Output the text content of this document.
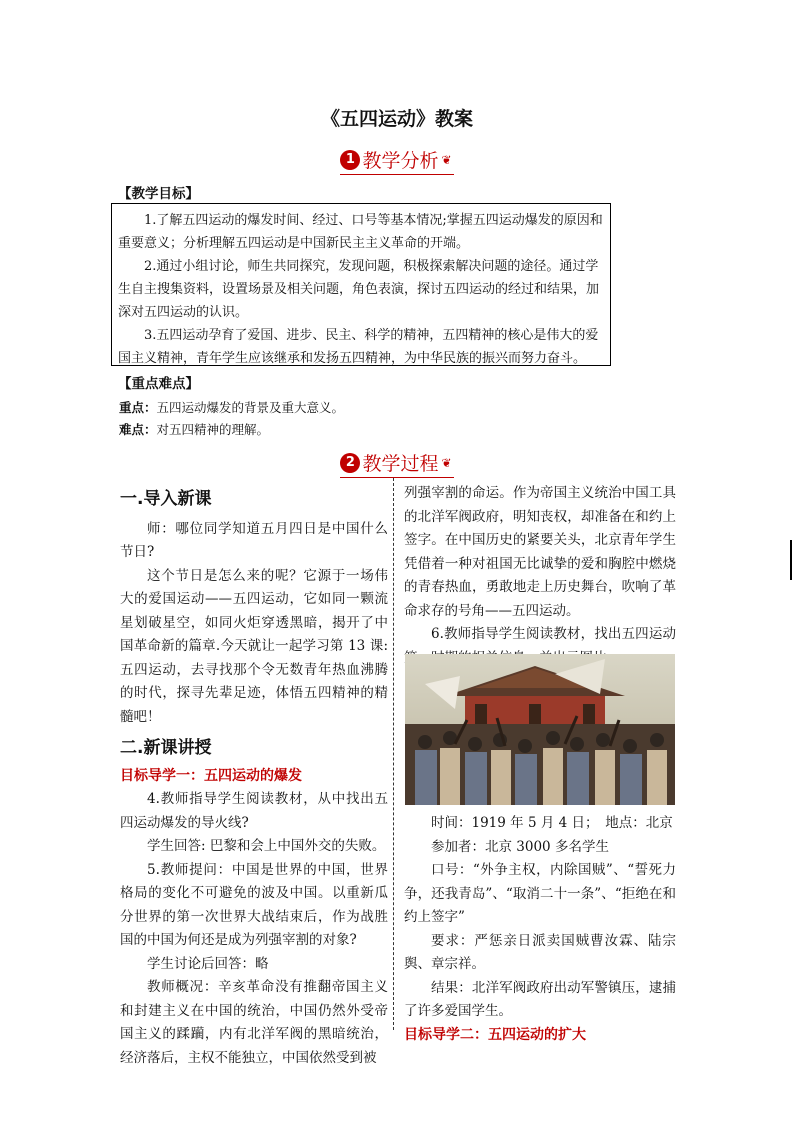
《五四运动》教案
1 教学分析 ❦
【教学目标】

1.了解五四运动的爆发时间、经过、口号等基本情况;掌握五四运动爆发的原因和重要意义；分析理解五四运动是中国新民主主义革命的开端。

2.通过小组讨论，师生共同探究，发现问题，积极探索解决问题的途径。通过学生自主搜集资料，设置场景及相关问题，角色表演，探讨五四运动的经过和结果，加深对五四运动的认识。

3.五四运动孕育了爱国、进步、民主、科学的精神，五四精神的核心是伟大的爱国主义精神，青年学生应该继承和发扬五四精神，为中华民族的振兴而努力奋斗。

【重点难点】
重点：五四运动爆发的背景及重大意义。
难点：对五四精神的理解。
2 教学过程 ❦
一.导入新课

师：哪位同学知道五月四日是中国什么节日?

这个节日是怎么来的呢？它源于一场伟大的爱国运动——五四运动，它如同一颗流星划破星空，如同火炬穿透黑暗，揭开了中国革命新的篇章.今天就让一起学习第 13 课:五四运动，去寻找那个令无数青年热血沸腾的时代，探寻先辈足迹，体悟五四精神的精髓吧！

二.新课讲授

目标导学一：五四运动的爆发

4.教师指导学生阅读教材，从中找出五四运动爆发的导火线?

学生回答: 巴黎和会上中国外交的失败。

5.教师提问：中国是世界的中国，世界格局的变化不可避免的波及中国。以重新瓜分世界的第一次世界大战结束后，作为战胜国的中国为何还是成为列强宰割的对象?

学生讨论后回答：略

教师概况：辛亥革命没有推翻帝国主义和封建主义在中国的统治，中国仍然外受帝国主义的蹂躏，内有北洋军阀的黑暗统治，经济落后，主权不能独立，中国依然受到被

列强宰割的命运。作为帝国主义统治中国工具的北洋军阀政府，明知丧权，却准备在和约上签字。在中国历史的紧要关头，北京青年学生凭借着一种对祖国无比诚挚的爱和胸腔中燃烧的青春热血，勇敢地走上历史舞台，吹响了革命求存的号角——五四运动。

6.教师指导学生阅读教材，找出五四运动

时间：1919 年 5 月 4 日；　地点：北京

参加者：北京 3000 多名学生

口号：“外争主权，内除国贼”、“誓死力争，还我青岛”、“取消二十一条”、“拒绝在和约上签字”

要求：严惩亲日派卖国贼曹汝霖、陆宗舆、章宗祥。

结果：北洋军阀政府出动军警镇压，逮捕了许多爱国学生。

目标导学二：五四运动的扩大
